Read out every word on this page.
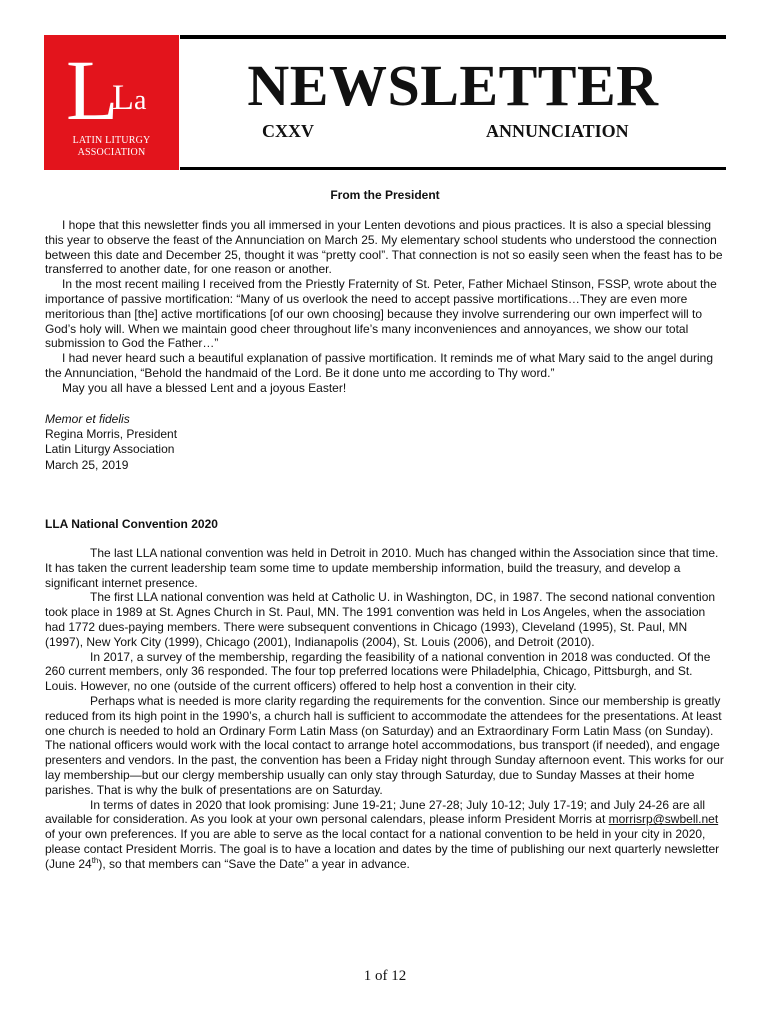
L
L a
LATIN LITURGY
ASSOCIATION
NEWSLETTER
CXXV	ANNUNCIATION
From the President

I hope that this newsletter finds you all immersed in your Lenten devotions and pious practices. It is also a special blessing this year to observe the feast of the Annunciation on March 25. My elementary school students who understood the connection between this date and December 25, thought it was “pretty cool”. That connection is not so easily seen when the feast has to be transferred to another date, for one reason or another.

In the most recent mailing I received from the Priestly Fraternity of St. Peter, Father Michael Stinson, FSSP, wrote about the importance of passive mortification: “Many of us overlook the need to accept passive mortifications…They are even more meritorious than [the] active mortifications [of our own choosing] because they involve surrendering our own imperfect will to God’s holy will. When we maintain good cheer throughout life’s many inconveniences and annoyances, we show our total submission to God the Father…”

I had never heard such a beautiful explanation of passive mortification. It reminds me of what Mary said to the angel during the Annunciation, “Behold the handmaid of the Lord. Be it done unto me according to Thy word.”

May you all have a blessed Lent and a joyous Easter!

Memor et fidelis
Regina Morris, President
Latin Liturgy Association
March 25, 2019
LLA National Convention 2020

The last LLA national convention was held in Detroit in 2010. Much has changed within the Association since that time. It has taken the current leadership team some time to update membership information, build the treasury, and develop a significant internet presence.

The first LLA national convention was held at Catholic U. in Washington, DC, in 1987. The second national convention took place in 1989 at St. Agnes Church in St. Paul, MN. The 1991 convention was held in Los Angeles, when the association had 1772 dues-paying members. There were subsequent conventions in Chicago (1993), Cleveland (1995), St. Paul, MN (1997), New York City (1999), Chicago (2001), Indianapolis (2004), St. Louis (2006), and Detroit (2010).

In 2017, a survey of the membership, regarding the feasibility of a national convention in 2018 was conducted. Of the 260 current members, only 36 responded. The four top preferred locations were Philadelphia, Chicago, Pittsburgh, and St. Louis. However, no one (outside of the current officers) offered to help host a convention in their city.

Perhaps what is needed is more clarity regarding the requirements for the convention. Since our membership is greatly reduced from its high point in the 1990’s, a church hall is sufficient to accommodate the attendees for the presentations. At least one church is needed to hold an Ordinary Form Latin Mass (on Saturday) and an Extraordinary Form Latin Mass (on Sunday). The national officers would work with the local contact to arrange hotel accommodations, bus transport (if needed), and engage presenters and vendors. In the past, the convention has been a Friday night through Sunday afternoon event. This works for our lay membership—but our clergy membership usually can only stay through Saturday, due to Sunday Masses at their home parishes. That is why the bulk of presentations are on Saturday.

In terms of dates in 2020 that look promising: June 19-21; June 27-28; July 10-12; July 17-19; and July 24-26 are all available for consideration. As you look at your own personal calendars, please inform President Morris at morrisrp@swbell.net of your own preferences. If you are able to serve as the local contact for a national convention to be held in your city in 2020, please contact President Morris. The goal is to have a location and dates by the time of publishing our next quarterly newsletter (June 24th), so that members can “Save the Date” a year in advance.

1 of 12
